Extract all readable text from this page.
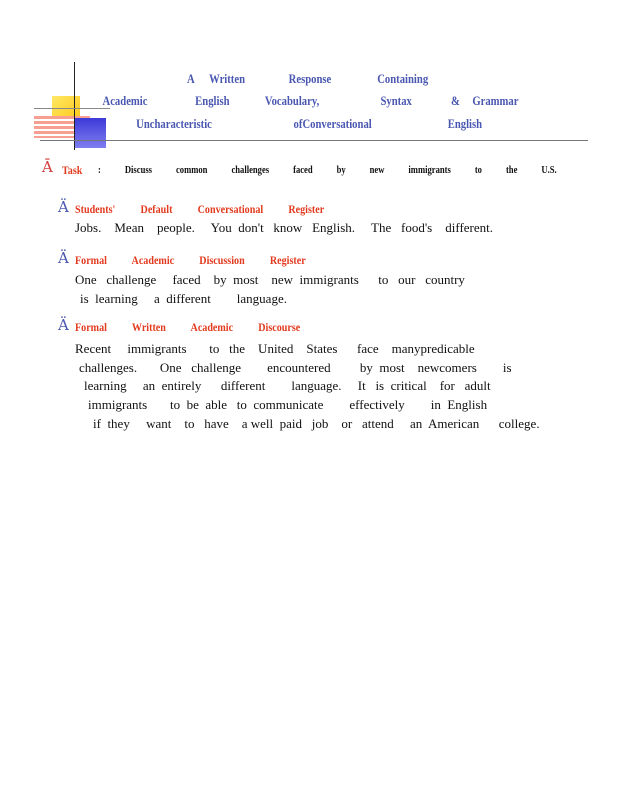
A Written	Response	Containing
Academic	English	Vocabulary,	Syntax	& Grammar
Uncharacteristic	ofConversational	English
Ā Task : Discuss common challenges faced by new immigrants to the U.S.
Ä Students' Default Conversational Register
Jobs.    Mean    people.     You  don't   know   English.     The   food's    different.
Ä Formal Academic Discussion Register
One   challenge     faced    by  most    new  immigrants      to   our   country
is  learning     a  different        language.
Ä Formal Written Academic Discourse
Recent     immigrants       to   the    United    States      face    manypredicable
challenges.       One   challenge        encountered         by  most    newcomers        is
learning     an  entirely      different        language.     It   is  critical    for   adult
immigrants       to  be  able   to  communicate        effectively        in  English
if  they     want    to   have    a well  paid   job    or   attend     an  American      college.
